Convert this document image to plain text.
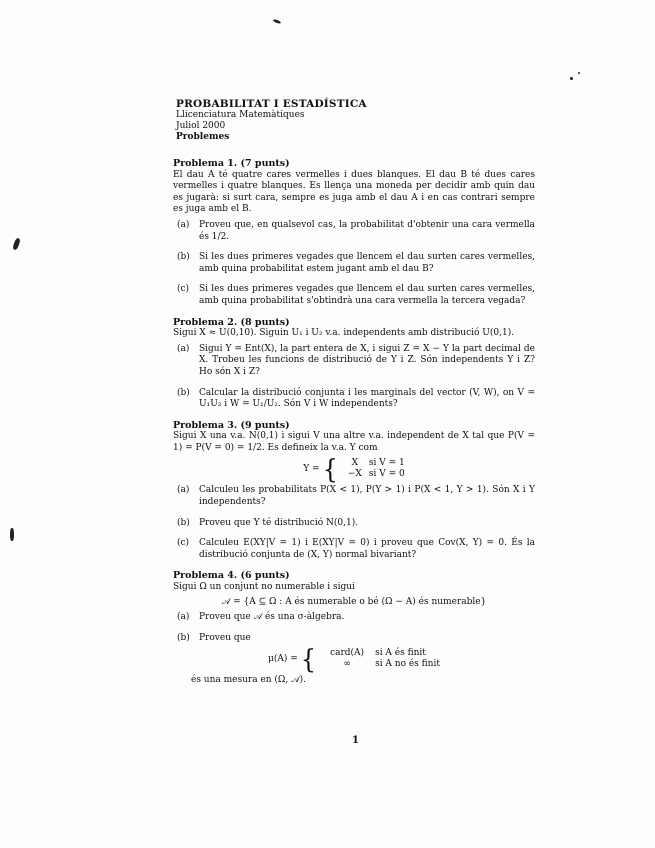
PROBABILITAT I ESTADÍSTICA
Llicenciatura Matemàtiques
Juliol 2000
Problemes

Problema 1. (7 punts)

El dau A té quatre cares vermelles i dues blanques. El dau B té dues cares vermelles i quatre blanques. Es llença una moneda per decidir amb quin dau es jugarà: si surt cara, sempre es juga amb el dau A i en cas contrari sempre es juga amb el B.

(a)	Proveu que, en qualsevol cas, la probabilitat d'obtenir una cara vermella és 1/2.
(b)	Si les dues primeres vegades que llencem el dau surten cares vermelles, amb quina probabilitat estem jugant amb el dau B?
(c)	Si les dues primeres vegades que llencem el dau surten cares vermelles, amb quina probabilitat s'obtindrà una cara vermella la tercera vegada?

Problema 2. (8 punts)

Sigui X ≈ U(0,10). Siguin U₁ i U₂ v.a. independents amb distribució U(0,1).

(a)	Sigui Y = Ent(X), la part entera de X, i sigui Z = X − Y la part decimal de X. Trobeu les funcions de distribució de Y i Z. Són independents Y i Z? Ho són X i Z?
(b)	Calcular la distribució conjunta i les marginals del vector (V, W), on V = U₁U₂ i W = U₁/U₂. Són V i W independents?

Problema 3. (9 punts)

Sigui X una v.a. N(0,1) i sigui V una altre v.a. independent de X tal que P(V = 1) = P(V = 0) = 1/2. Es defineix la v.a. Y com

Y = {	X	si V = 1
−X si V = 0
(a)	Calculeu les probabilitats P(X < 1), P(Y > 1) i P(X < 1, Y > 1). Són X i Y independents?
(b)	Proveu que Y té distribució N(0,1).
(c)	Calculeu E(XY|V = 1) i E(XY|V = 0) i proveu que Cov(X, Y) = 0. És la distribució conjunta de (X, Y) normal bivariant?

Problema 4. (6 punts)

Sigui Ω un conjunt no numerable i sigui

𝒜 = {A ⊆ Ω : A és numerable o bé (Ω − A) és numerable}
(a)	Proveu que 𝒜 és una σ-àlgebra.
(b)	Proveu que
μ(A) = {	card(A)	si A és finit
∞	si A no és finit

és una mesura en (Ω, 𝒜).

1
